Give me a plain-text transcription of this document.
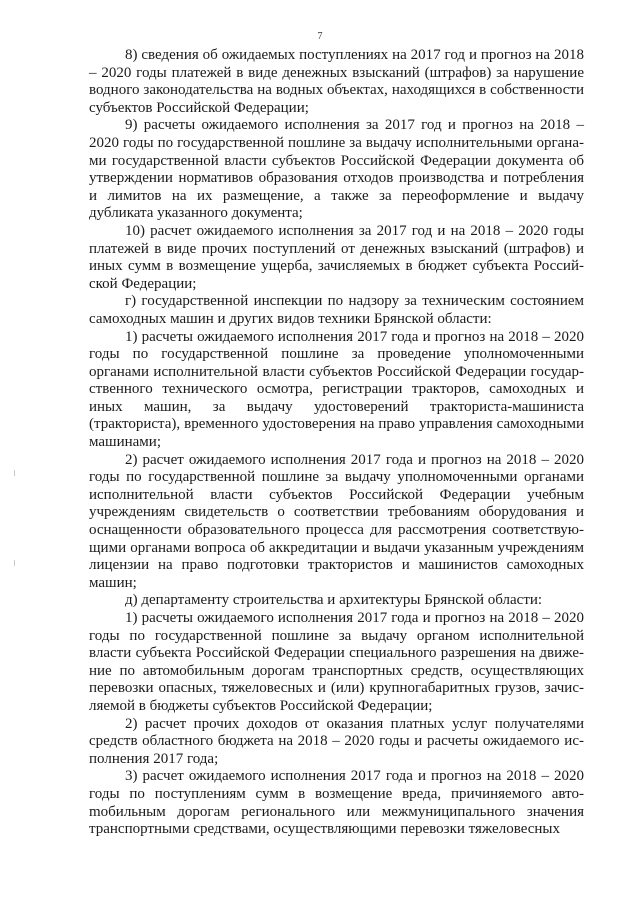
7

8) сведения об ожидаемых поступлениях на 2017 год и прогноз на 2018 – 2020 годы платежей в виде денежных взысканий (штрафов) за нарушение водного законодательства на водных объектах, находящихся в собственности субъектов Российской Федерации;

9) расчеты ожидаемого исполнения за 2017 год и прогноз на 2018 – 2020 годы по государственной пошлине за выдачу исполнительными органами государственной власти субъектов Российской Федерации документа об утверждении нормативов образования отходов производства и потребления и лимитов на их размещение, а также за переоформление и выдачу дубликата указанного документа;

10) расчет ожидаемого исполнения за 2017 год и на 2018 – 2020 годы платежей в виде прочих поступлений от денежных взысканий (штрафов) и иных сумм в возмещение ущерба, зачисляемых в бюджет субъекта Российской Федерации;

г) государственной инспекции по надзору за техническим состоянием самоходных машин и других видов техники Брянской области:

1) расчеты ожидаемого исполнения 2017 года и прогноз на 2018 – 2020 годы по государственной пошлине за проведение уполномоченными органами исполнительной власти субъектов Российской Федерации государственного технического осмотра, регистрации тракторов, самоходных и иных машин, за выдачу удостоверений тракториста-машиниста (тракториста), временного удостоверения на право управления самоходными машинами;

2) расчет ожидаемого исполнения 2017 года и прогноз на 2018 – 2020 годы по государственной пошлине за выдачу уполномоченными органами исполнительной власти субъектов Российской Федерации учебным учреждениям свидетельств о соответствии требованиям оборудования и оснащенности образовательного процесса для рассмотрения соответствующими органами вопроса об аккредитации и выдачи указанным учреждениям лицензии на право подготовки трактористов и машинистов самоходных машин;

д) департаменту строительства и архитектуры Брянской области:

1) расчеты ожидаемого исполнения 2017 года и прогноз на 2018 – 2020 годы по государственной пошлине за выдачу органом исполнительной власти субъекта Российской Федерации специального разрешения на движение по автомобильным дорогам транспортных средств, осуществляющих перевозки опасных, тяжеловесных и (или) крупногабаритных грузов, зачисляемой в бюджеты субъектов Российской Федерации;

2) расчет прочих доходов от оказания платных услуг получателями средств областного бюджета на 2018 – 2020 годы и расчеты ожидаемого исполнения 2017 года;

3) расчет ожидаемого исполнения 2017 года и прогноз на 2018 – 2020 годы по поступлениям сумм в возмещение вреда, причиняемого автоmобильным дорогам регионального или межмуниципального значения транспортными средствами, осуществляющими перевозки тяжеловесных
